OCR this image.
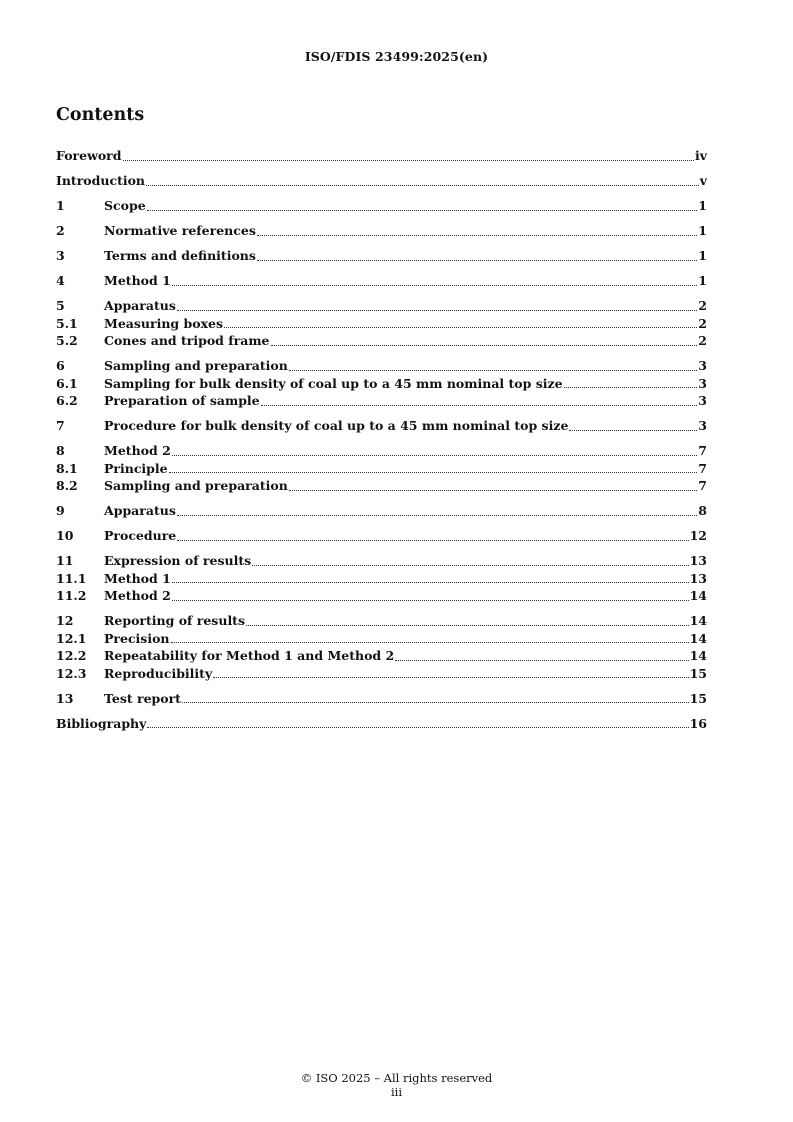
ISO/FDIS 23499:2025(en)
Contents
Foreword	iv
Introduction	v
1	Scope	1
2	Normative references	1
3	Terms and definitions	1
4	Method 1	1
5	Apparatus	2
5.1	Measuring boxes	2
5.2	Cones and tripod frame	2
6	Sampling and preparation	3
6.1	Sampling for bulk density of coal up to a 45 mm nominal top size	3
6.2	Preparation of sample	3
7	Procedure for bulk density of coal up to a 45 mm nominal top size	3
8	Method 2	7
8.1	Principle	7
8.2	Sampling and preparation	7
9	Apparatus	8
10	Procedure	12
11	Expression of results	13
11.1	Method 1	13
11.2	Method 2	14
12	Reporting of results	14
12.1	Precision	14
12.2	Repeatability for Method 1 and Method 2	14
12.3	Reproducibility	15
13	Test report	15
Bibliography	16
© ISO 2025 – All rights reserved
iii
